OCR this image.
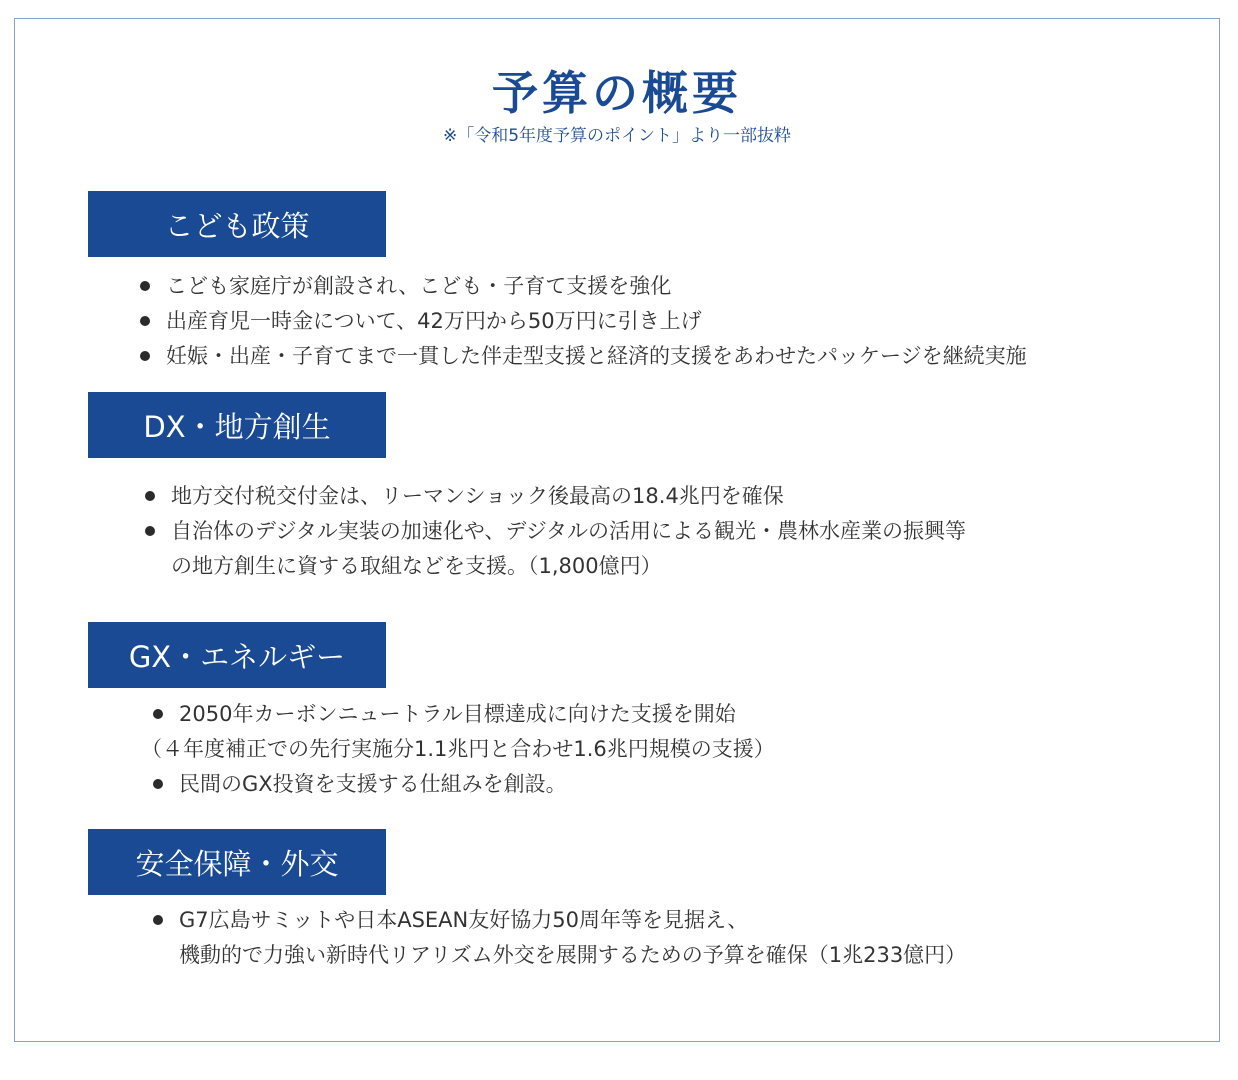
予算の概要
※「令和5年度予算のポイント」より一部抜粋
こども政策
こども家庭庁が創設され、こども・子育て支援を強化
出産育児一時金について、42万円から50万円に引き上げ
妊娠・出産・子育てまで一貫した伴走型支援と経済的支援をあわせたパッケージを継続実施
DX・地方創生
地方交付税交付金は、リーマンショック後最高の18.4兆円を確保
自治体のデジタル実装の加速化や、デジタルの活用による観光・農林水産業の振興等
の地方創生に資する取組などを支援。（1,800億円）
GX・エネルギー
2050年カーボンニュートラル目標達成に向けた支援を開始
（４年度補正での先行実施分1.1兆円と合わせ1.6兆円規模の支援）
民間のGX投資を支援する仕組みを創設。
安全保障・外交
G7広島サミットや日本ASEAN友好協力50周年等を見据え、
機動的で力強い新時代リアリズム外交を展開するための予算を確保（1兆233億円）
